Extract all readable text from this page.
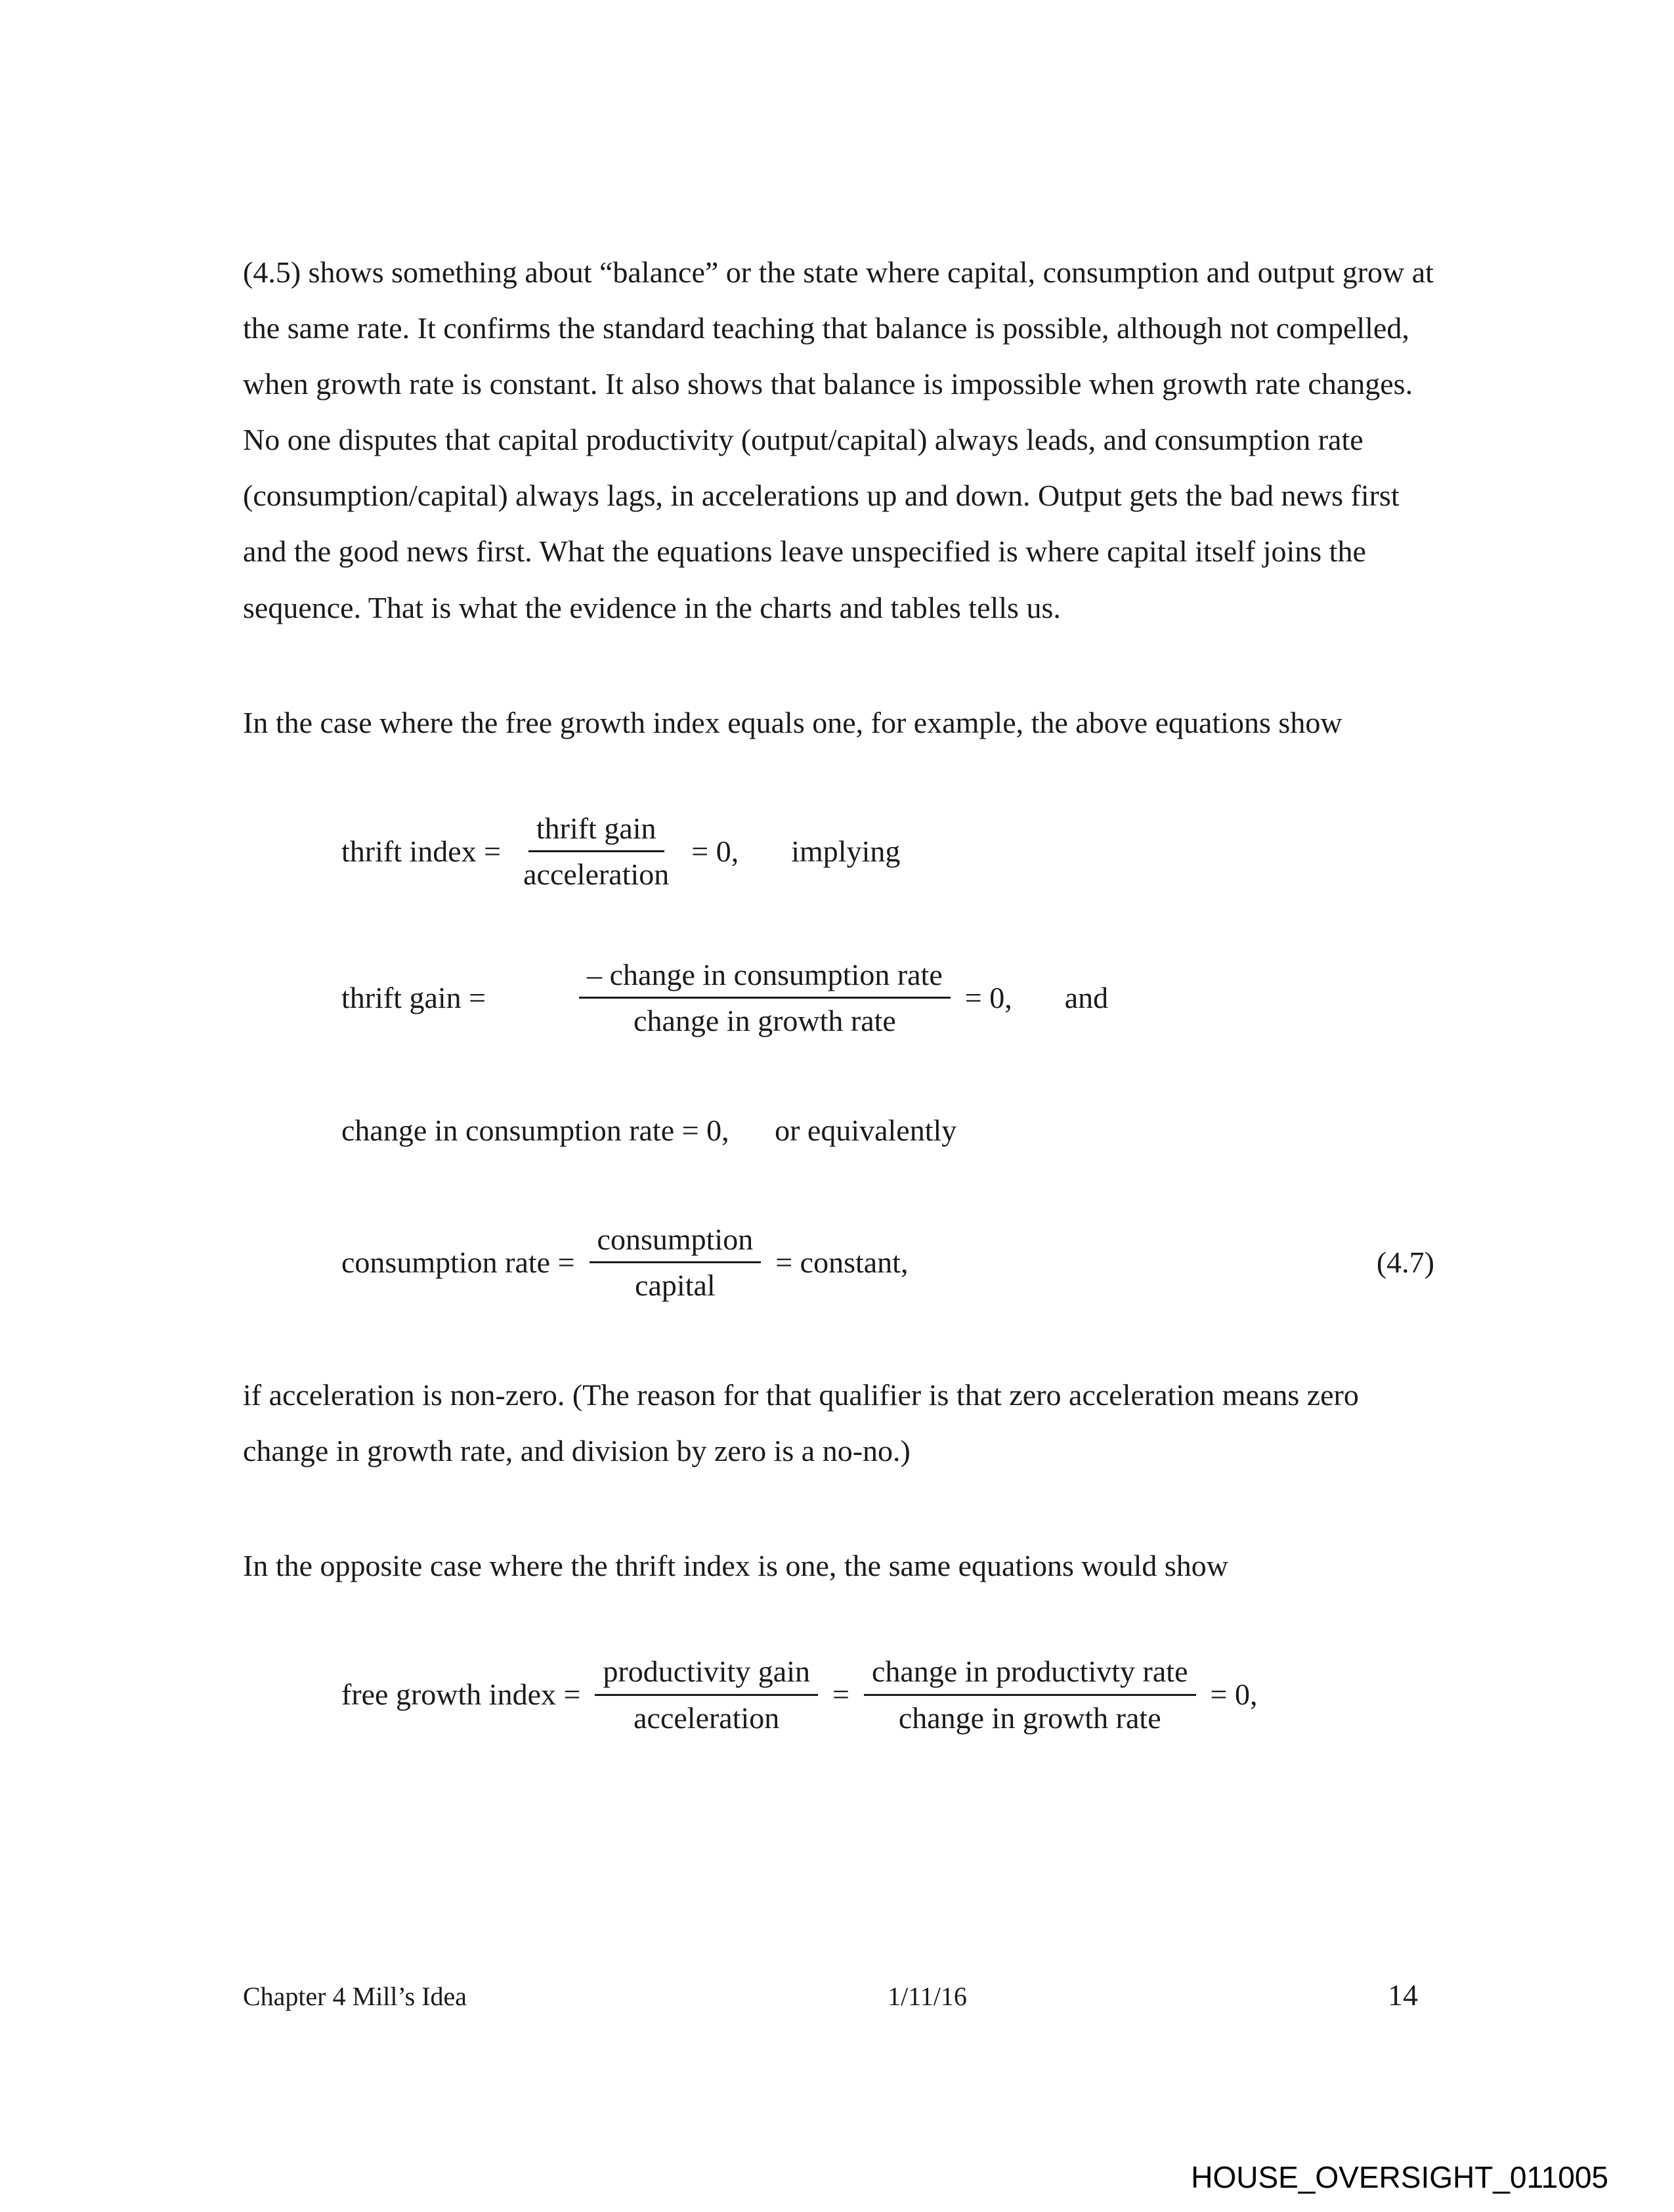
(4.5) shows something about “balance” or the state where capital, consumption and output grow at the same rate. It confirms the standard teaching that balance is possible, although not compelled, when growth rate is constant. It also shows that balance is impossible when growth rate changes. No one disputes that capital productivity (output/capital) always leads, and consumption rate (consumption/capital) always lags, in accelerations up and down. Output gets the bad news first and the good news first. What the equations leave unspecified is where capital itself joins the sequence. That is what the evidence in the charts and tables tells us.

In the case where the free growth index equals one, for example, the above equations show

thrift index = $\frac{\text{thrift gain}}{\text{acceleration}} = 0$, implying
thrift gain =	$\frac{\text{– change in consumption rate}}{\text{change in growth rate}} = 0$, and
change in consumption rate = 0, or equivalently
consumption rate = $\frac{\text{consumption}}{\text{capital}}$ = constant,	(4.7)

if acceleration is non-zero. (The reason for that qualifier is that zero acceleration means zero change in growth rate, and division by zero is a no-no.)

In the opposite case where the thrift index is one, the same equations would show

free growth index = $\frac{\text{productivity gain}}{\text{acceleration}} = \frac{\text{change in productivty rate}}{\text{change in growth rate}} = 0$,
Chapter 4 Mill’s Idea	1/11/16	14
HOUSE_OVERSIGHT_011005
